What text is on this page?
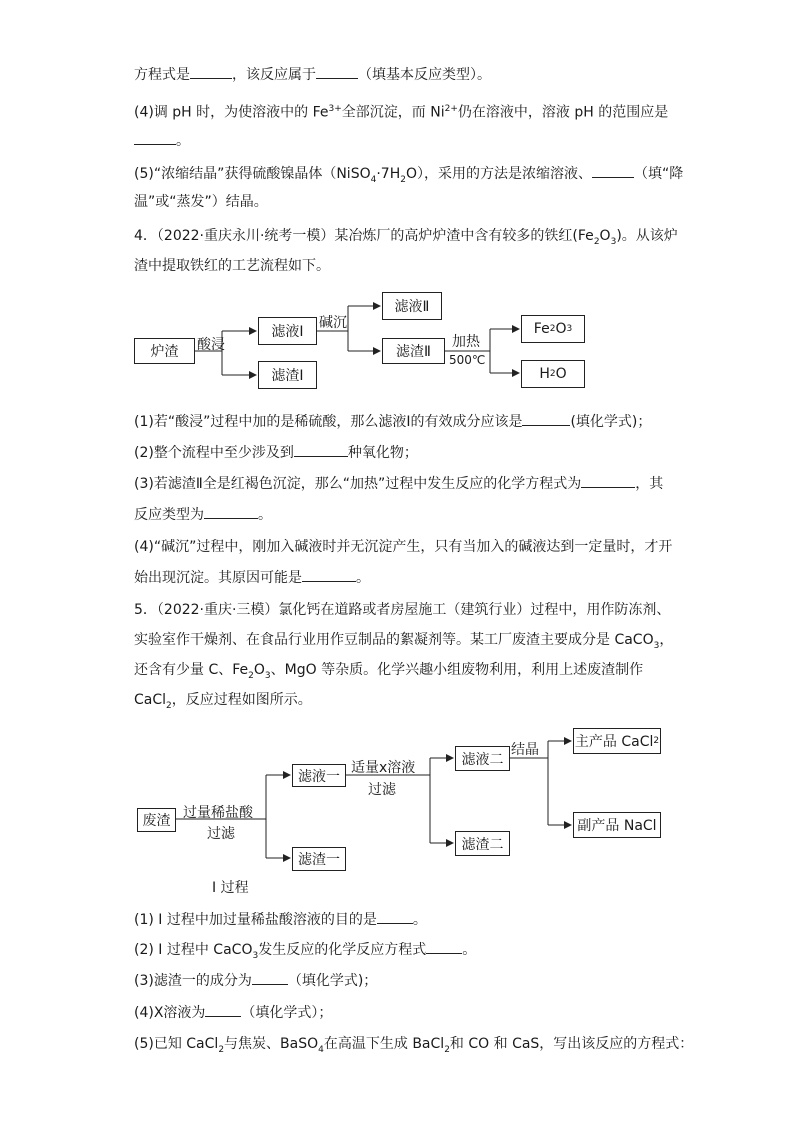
方程式是	，该反应属于	（填基本反应类型）。
(4)调 pH 时，为使溶液中的 $Fe^{3+}$全部沉淀，而 $Ni^{2+}$仍在溶液中，溶液 pH 的范围应是
。
(5)“浓缩结晶”获得硫酸镍晶体$(NiSO_4\cdot 7H_2O)$，采用的方法是浓缩溶液、	（填“降
温”或“蒸发”）结晶。
4．（2022·重庆永川·统考一模）某冶炼厂的高炉炉渣中含有较多的铁红$(Fe_2O_3)$。从该炉
渣中提取铁红的工艺流程如下。
炉渣	酸浸
滤液Ⅰ
滤渣Ⅰ
碱沉
滤液Ⅱ
滤渣Ⅱ
加热
500℃
Fe 2 O 3
H 2 O
(1)若“酸浸”过程中加的是稀硫酸，那么滤液Ⅰ的有效成分应该是	(填化学式)；
(2)整个流程中至少涉及到	种氧化物；
(3)若滤渣Ⅱ全是红褐色沉淀，那么“加热”过程中发生反应的化学方程式为	，其
反应类型为	。
(4)“碱沉”过程中，刚加入碱液时并无沉淀产生，只有当加入的碱液达到一定量时，才开
始出现沉淀。其原因可能是	。
5．（2022·重庆·三模）氯化钙在道路或者房屋施工（建筑行业）过程中，用作防冻剂、
实验室作干燥剂、在食品行业用作豆制品的絮凝剂等。某工厂废渣主要成分是 CaCO$_3$，
还含有少量 C、$Fe_2O_3$、MgO 等杂质。化学兴趣小组废物利用，利用上述废渣制作
CaCl$_2$，反应过程如图所示。
废渣 过量稀盐酸
过滤
滤液一
滤渣一
适量x溶液
过滤
滤液二
滤渣二
结晶	主产品 CaCl 2
副产品 NaCl
I 过程
(1) I 过程中加过量稀盐酸溶液的目的是	。
(2) I 过程中 CaCO$_3$发生反应的化学反应方程式	。
(3)滤渣一的成分为	（填化学式)；
(4)X溶液为	（填化学式）；
(5)已知 CaCl$_2$与焦炭、BaSO$_4$在高温下生成 BaCl$_2$和 CO 和 CaS，写出该反应的方程式：
